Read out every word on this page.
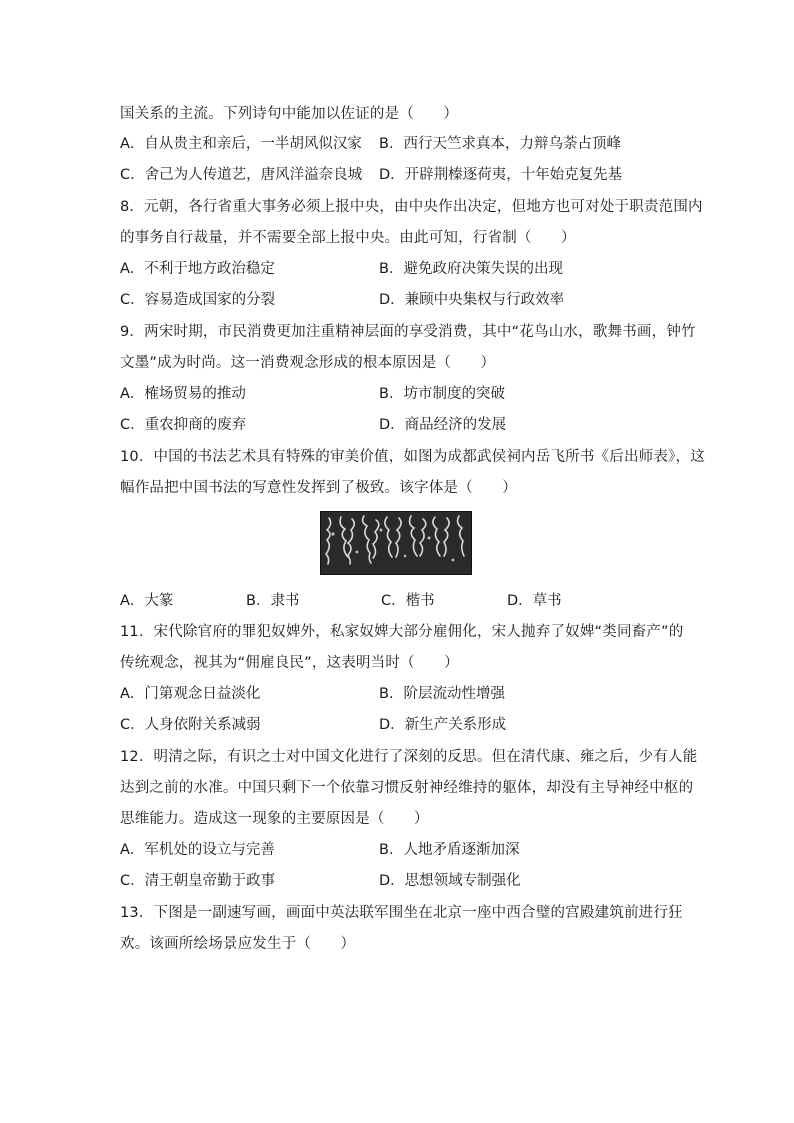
国关系的主流。下列诗句中能加以佐证的是（　　）
A．自从贵主和亲后，一半胡风似汉家 B．西行天竺求真本，力辩乌荼占顶峰
C．舍己为人传道艺，唐风洋溢奈良城 D．开辟荆榛逐荷夷，十年始克复先基
8．元朝，各行省重大事务必须上报中央，由中央作出决定，但地方也可对处于职责范围内
的事务自行裁量，并不需要全部上报中央。由此可知，行省制（　　）
A．不利于地方政治稳定	B．避免政府决策失误的出现
C．容易造成国家的分裂	D．兼顾中央集权与行政效率
9．两宋时期，市民消费更加注重精神层面的享受消费，其中“花鸟山水，歌舞书画，钟竹
文墨”成为时尚。这一消费观念形成的根本原因是（　　）
A．榷场贸易的推动	B．坊市制度的突破
C．重农抑商的废弃	D．商品经济的发展
10．中国的书法艺术具有特殊的审美价值，如图为成都武侯祠内岳飞所书《后出师表》，这
幅作品把中国书法的写意性发挥到了极致。该字体是（　　）
A．大篆	B．隶书	C．楷书	D．草书
11．宋代除官府的罪犯奴婢外，私家奴婢大部分雇佣化，宋人抛弃了奴婢“类同畜产”的
传统观念，视其为“佣雇良民”，这表明当时（　　）
A．门第观念日益淡化	B．阶层流动性增强
C．人身依附关系减弱	D．新生产关系形成
12．明清之际，有识之士对中国文化进行了深刻的反思。但在清代康、雍之后，少有人能
达到之前的水准。中国只剩下一个依靠习惯反射神经维持的躯体，却没有主导神经中枢的
思维能力。造成这一现象的主要原因是（　　）
A．军机处的设立与完善	B．人地矛盾逐渐加深
C．清王朝皇帝勤于政事	D．思想领域专制强化
13．下图是一副速写画，画面中英法联军围坐在北京一座中西合璧的宫殿建筑前进行狂
欢。该画所绘场景应发生于（　　）
